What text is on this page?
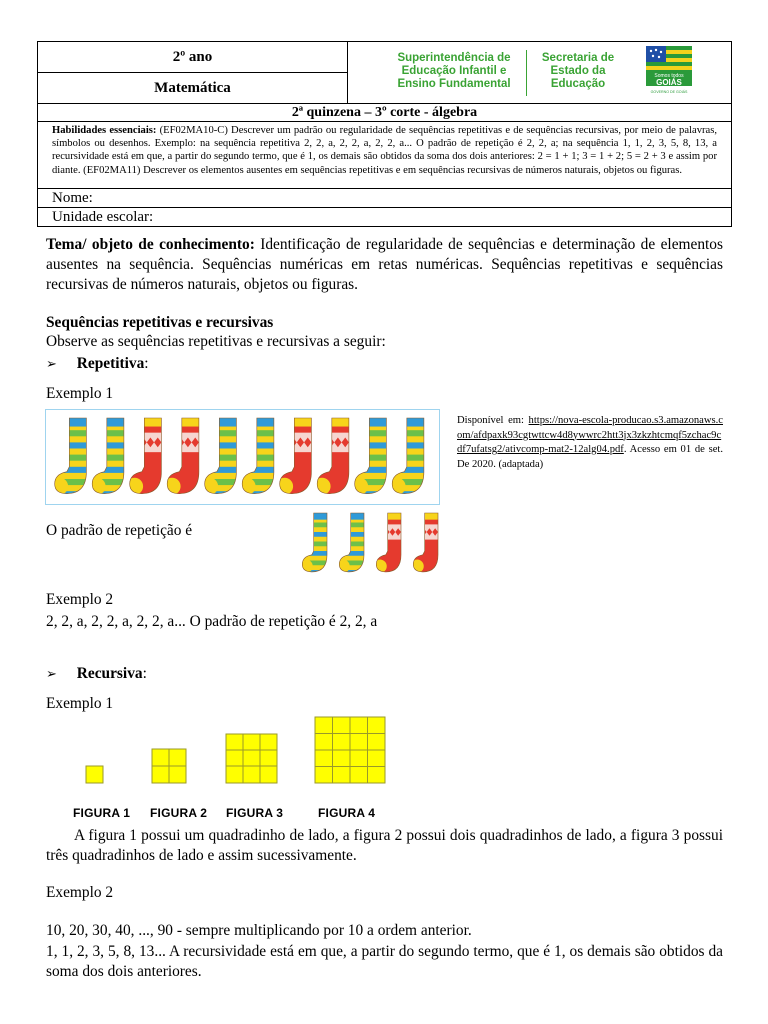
2º ano
Matemática
Superintendência de Educação Infantil e Ensino Fundamental
Secretaria de Estado da Educação
Somos todos
GOIÁS
GOVERNO DE GOIÁS
2ª quinzena – 3º corte - álgebra
Habilidades essenciais: (EF02MA10-C) Descrever um padrão ou regularidade de sequências repetitivas e de sequências recursivas, por meio de palavras, símbolos ou desenhos. Exemplo: na sequência repetitiva 2, 2, a, 2, 2, a, 2, 2, a... O padrão de repetição é 2, 2, a; na sequência 1, 1, 2, 3, 5, 8, 13, a recursividade está em que, a partir do segundo termo, que é 1, os demais são obtidos da soma dos dois anteriores: 2 = 1 + 1; 3 = 1 + 2; 5 = 2 + 3 e assim por diante. (EF02MA11) Descrever os elementos ausentes em sequências repetitivas e em sequências recursivas de números naturais, objetos ou figuras.
Nome:
Unidade escolar:
Tema/ objeto de conhecimento: Identificação de regularidade de sequências e determinação de elementos ausentes na sequência. Sequências numéricas em retas numéricas. Sequências repetitivas e sequências recursivas de números naturais, objetos ou figuras.
Sequências repetitivas e recursivas
Observe as sequências repetitivas e recursivas a seguir:
➢ Repetitiva:
Exemplo 1
Disponível em: https://nova-escola-producao.s3.amazonaws.com/afdpaxk93cgtwttcw4d8ywwrc2htt3jx3zkzhtcmqf5zchac9cdf7ufatsg2/ativcomp-mat2-12alg04.pdf. Acesso em 01 de set. De 2020. (adaptada)
O padrão de repetição é
Exemplo 2
2, 2, a, 2, 2, a, 2, 2, a... O padrão de repetição é 2, 2, a
➢ Recursiva:
Exemplo 1
FIGURA 1 FIGURA 2 FIGURA 3	FIGURA 4
A figura 1 possui um quadradinho de lado, a figura 2 possui dois quadradinhos de lado, a figura 3 possui três quadradinhos de lado e assim sucessivamente.
Exemplo 2
10, 20, 30, 40, ..., 90 - sempre multiplicando por 10 a ordem anterior.
1, 1, 2, 3, 5, 8, 13... A recursividade está em que, a partir do segundo termo, que é 1, os demais são obtidos da soma dos dois anteriores.
